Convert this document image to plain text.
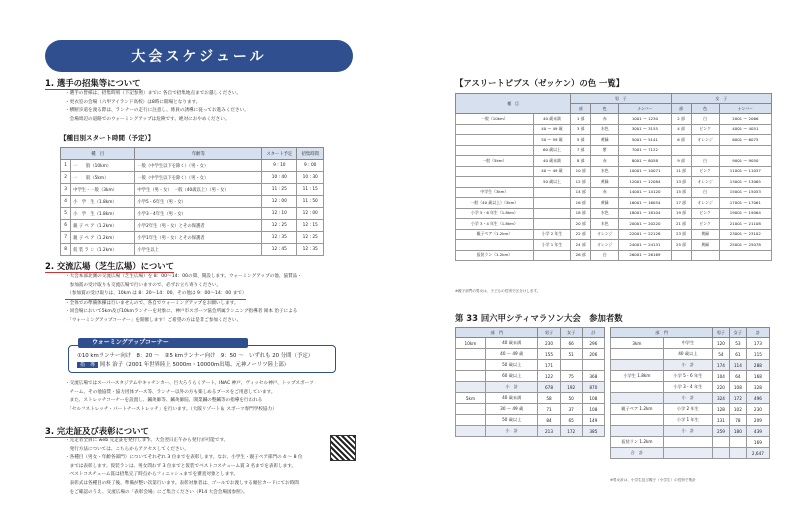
大会スケジュール
1. 選手の招集等について
・選手の皆様は、招集時刻（下記参照）までに 各自で招集地点までお越しください。
・更衣室の会場（六甲アイランド高校）は8時に開場となります。
・横断歩道を渡る際は、ランナーの走行に注意し、係員の誘導に従ってお進みください。
　会場周辺の道路でのウォーミングアップは危険です。絶対におやめください。
【種目別スタート時間（予定）】
種　目		年齢等	スタート予定	招集時間
1	一　　般（10km）	一般（中学生以下を除く）（男・女）	9 : 10	9 : 00
2	一　　般（5km）	一般（中学生以下を除く）（男・女）	10 : 40	10 : 30
3	中学生・一般（3km）	中学生（男・女）　一般（40歳以上）（男・女）	11 : 25	11 : 15
4	小　学　生（1.8km）	小学5・6年生（男・女）	12 : 00	11 : 50
5	小　学　生（1.8km）	小学3・4年生（男・女）	12 : 10	12 : 00
6	親 子 ペ ア（1.2km）	小学2年生（男・女）とその保護者	12 : 25	12 : 15
7	親 子 ペ ア（1.2km）	小学1年生（男・女）とその保護者	12 : 35	12 : 25
8	仮 装 ラ ン（1.2km）	小学生以上	12 : 45	12 : 35
2. 交流広場（芝生広場）について
・大会本部北側の交流広場（芝生広場）を 8：00～14：00の間、開設します。ウォーミングアップの他、協賛品・
　参加賞の受け取りも交流広場で行いますので、必ずお立ち寄りください。
　（参加賞の受け取りは、10km は 8：20～14：00、その他は 9：00～14：00 まで）
・全体での準備体操は行いませんので、各自でウォーミングアップをお願いします。
・同会場において5km及び10kmランナーを対象に、神戸市スポーツ協会所属ランニング指導者 岡本 治子による
　「ウォーミングアップコーナー」を開催します！ご希望の方は是非ご参加ください。
①10 kmランナー向け　8：20 ～　②5 kmランナー向け　9：50 ～　いずれも 20 分間（予定）
指　導 岡本 治子（2001 年世界陸上 5000m・10000m出場、元神ノーリツ陸上部）
ウォーミングアップコーナー
・交流広場ではスーパースタジアムやキッチンカー、巨大ろうらくアート、INAC 神戸、ヴィッセル神戸、トップスポーツ
　チーム、その他協賛・協力団体ブース等、ランナー以外の方も楽しめるブースをご用意しています。
　また、ストレッチコーナーを設置し、鍼灸師等、鍼灸師院、開業鍼の整鍼等の指導を行われる
　「セルフストレッチ・パートナーストレッチ」を行います。（大阪リゾート＆ スポーツ専門学校協力）
3. 完走証及び表彰について
・完走者全員に web 完走証を発行します。大会翌日正午から発行が可能です。
　発行方法については、こちらからアクセスしてください。
・各種目（男女・年齢各部門）についてそれぞれ 3 位までを表彰します。なお、小学生・親子ペア部門の 4 ～ 8 位
　までは表彰します。仮装ランは、男女問わず 3 位までと仮装でベストコスチューム賞 3 名までを表彰します。
　ベストコスチューム賞は招集完了時点からフィニッシュまでを審査対象とします。
　表彰式は各種目の終了後、準備が整い次第行います。表彰対象者は、ゴールでお渡しする順位カードにてお時間
　をご確認のうえ、交流広場の「表彰会場」にご集合ください（P14 大会会場図参照）。
【アスリートビブス（ゼッケン）の色 一覧】
種　目		男　子			女　子		
		部	色	ナンバー	部	色	ナンバー
一般（10km）	40 歳未満	1 部	赤	1001 ～ 1230	2 部	白	2001 ～ 2066
	40 ～ 49 歳	3 部	水色	3001 ～ 3155	4 部	ピンク	4001 ～ 4051
	50 ～ 59 歳	5 部	黄緑	5001 ～ 5141	6 部	オレンジ	6001 ～ 6075
	60 歳以上	7 部	紫	7001 ～ 7122			
一般（5km）	40 歳未満	8 部	赤	8001 ～ 8058	9 部	白	9001 ～ 9050
	40 ～ 49 歳	10 部	水色	10001 ～ 10071	11 部	ピンク	11001 ～ 11037
	50 歳以上	12 部	黄緑	12001 ～ 12084	13 部	オレンジ	13001 ～ 13065
中学生（3km）		14 部	赤	14001 ～ 14120	15 部	白	15001 ～ 15053
一般（40 歳以上）（3km）		16 部	黄緑	16001 ～ 16054	17 部	オレンジ	17001 ～ 17061
小学 5・6 年生（1.8km）		18 部	水色	18001 ～ 18104	19 部	ピンク	19001 ～ 19064
小学 3・4 年生（1.8km）		20 部	水色	20001 ～ 20220	21 部	ピンク	21001 ～ 21108
親子ペア（1.2km）	小学 2 年生	22 部	オレンジ	22001 ～ 22128	23 部	黄緑	23001 ～ 23102
	小学 1 年生	24 部	オレンジ	24001 ～ 24131	25 部	黄緑	25001 ～ 25078
仮装ラン（1.2km）		26 部	白	26001 ～ 26169			
※親子部門の男女は、子どもの性別で区分けします。
第 33 回六甲シティマラソン大会　参加者数
部　門		男子	女子	計
10km	40 歳未満	230	66	296
	40 ～ 49 歳	155	51	206
	50 歳以上	171		
	60 歳以上	122	75	368
	小　計	678	192	870
5km	40 歳未満	58	50	108
	30 ～ 49 歳	71	37	108
	50 歳以上	84	65	149
	小　計	213	172	385
部　門		男子	女子	計
3km	中学生	120	53	173
	40 歳以上	54	61	115
	小　計	174	114	288
小学生 1.8km	小学 5・6 年生	104	64	168
	小学 3・4 年生	220	108	328
	小　計	324	172	496
親子ペア 1.2km	小学 2 年生	128	102	230
	小学 1 年生	131	78	209
	小　計	259	180	439
仮装ラン 1.2km				169
合　計				2,647
※男女計は、小学生及び親子（小学生）の性別で集計
